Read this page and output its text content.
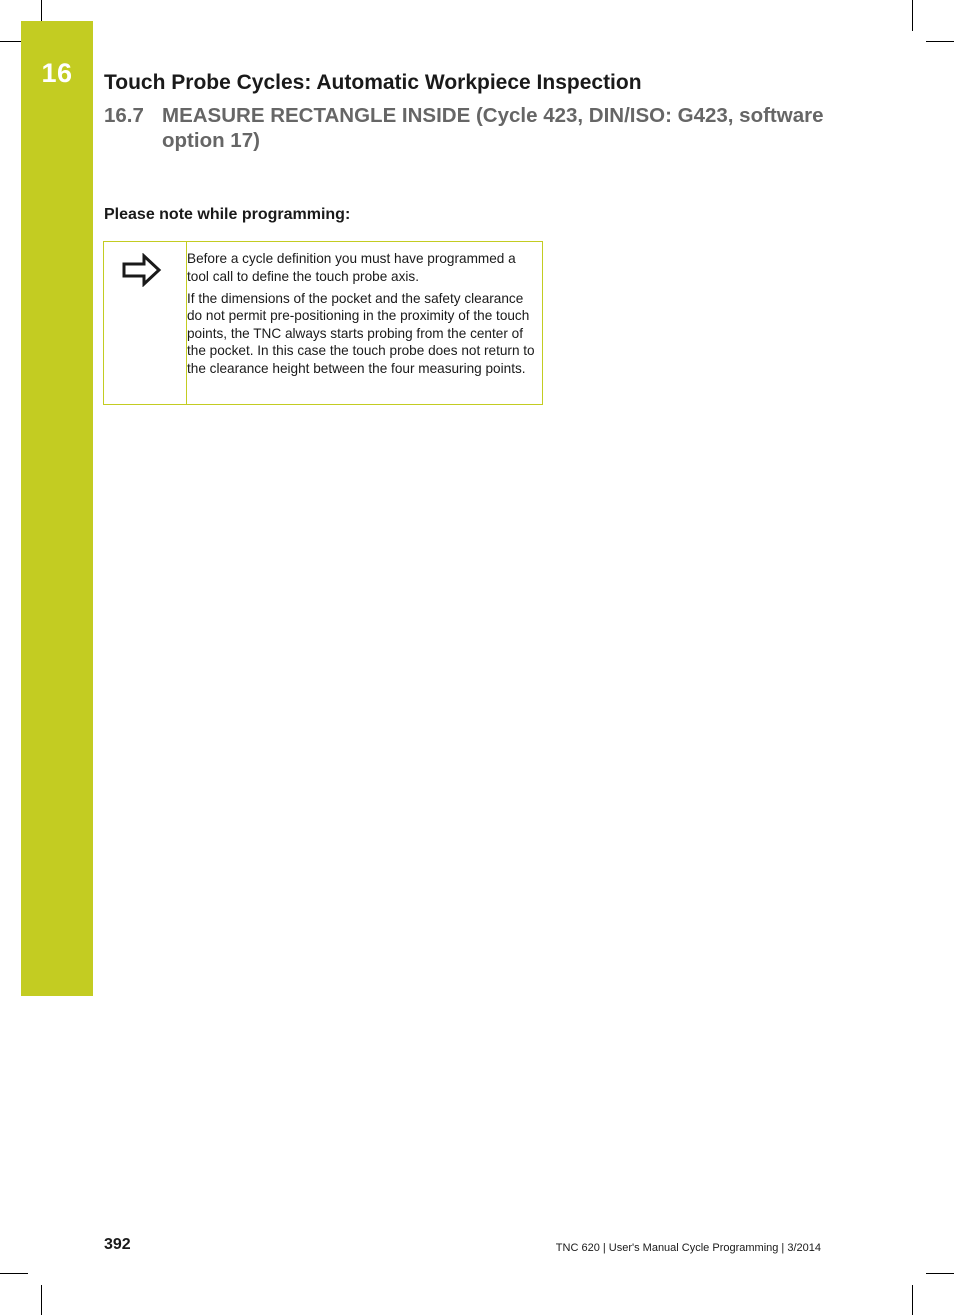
16	Touch Probe Cycles: Automatic Workpiece Inspection
16.7 MEASURE RECTANGLE INSIDE (Cycle 423, DIN/ISO: G423, software option 17)
Please note while programming:

Before a cycle definition you must have programmed a tool call to define the touch probe axis.

If the dimensions of the pocket and the safety clearance do not permit pre-positioning in the proximity of the touch points, the TNC always starts probing from the center of the pocket. In this case the touch probe does not return to the clearance height between the four measuring points.

392	TNC 620 | User's Manual Cycle Programming | 3/2014
